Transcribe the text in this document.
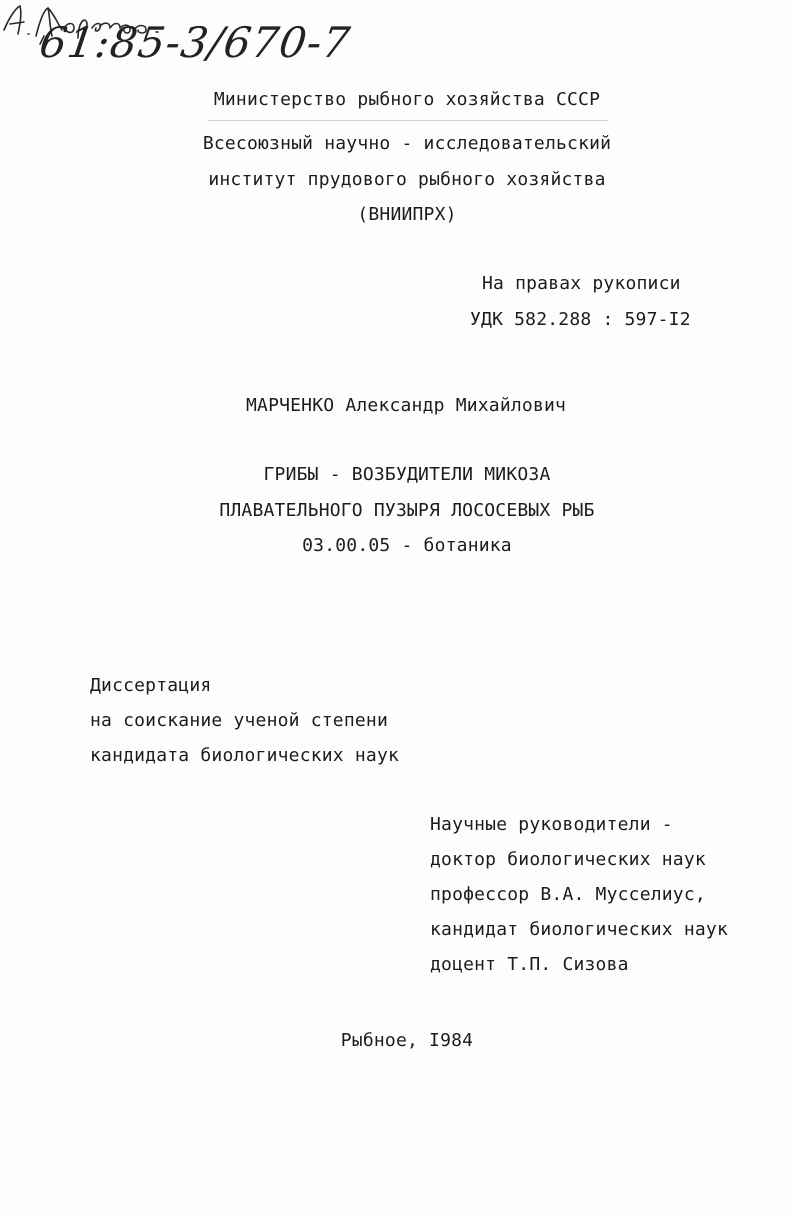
61:85-3/670-7
Министерство рыбного хозяйства СССР
Всесоюзный научно - исследовательский
институт прудового рыбного хозяйства
(ВНИИПРХ)
На правах рукописи
УДК 582.288 : 597-I2
МАРЧЕНКО Александр Михайлович
ГРИБЫ - ВОЗБУДИТЕЛИ МИКОЗА
ПЛАВАТЕЛЬНОГО ПУЗЫРЯ ЛОСОСЕВЫХ РЫБ
03.00.05 - ботаника
Диссертация
на соискание ученой степени
кандидата биологических наук
Научные руководители -
доктор биологических наук
профессор В.А. Мусселиус,
кандидат биологических наук
доцент Т.П. Сизова
Рыбное, I984
